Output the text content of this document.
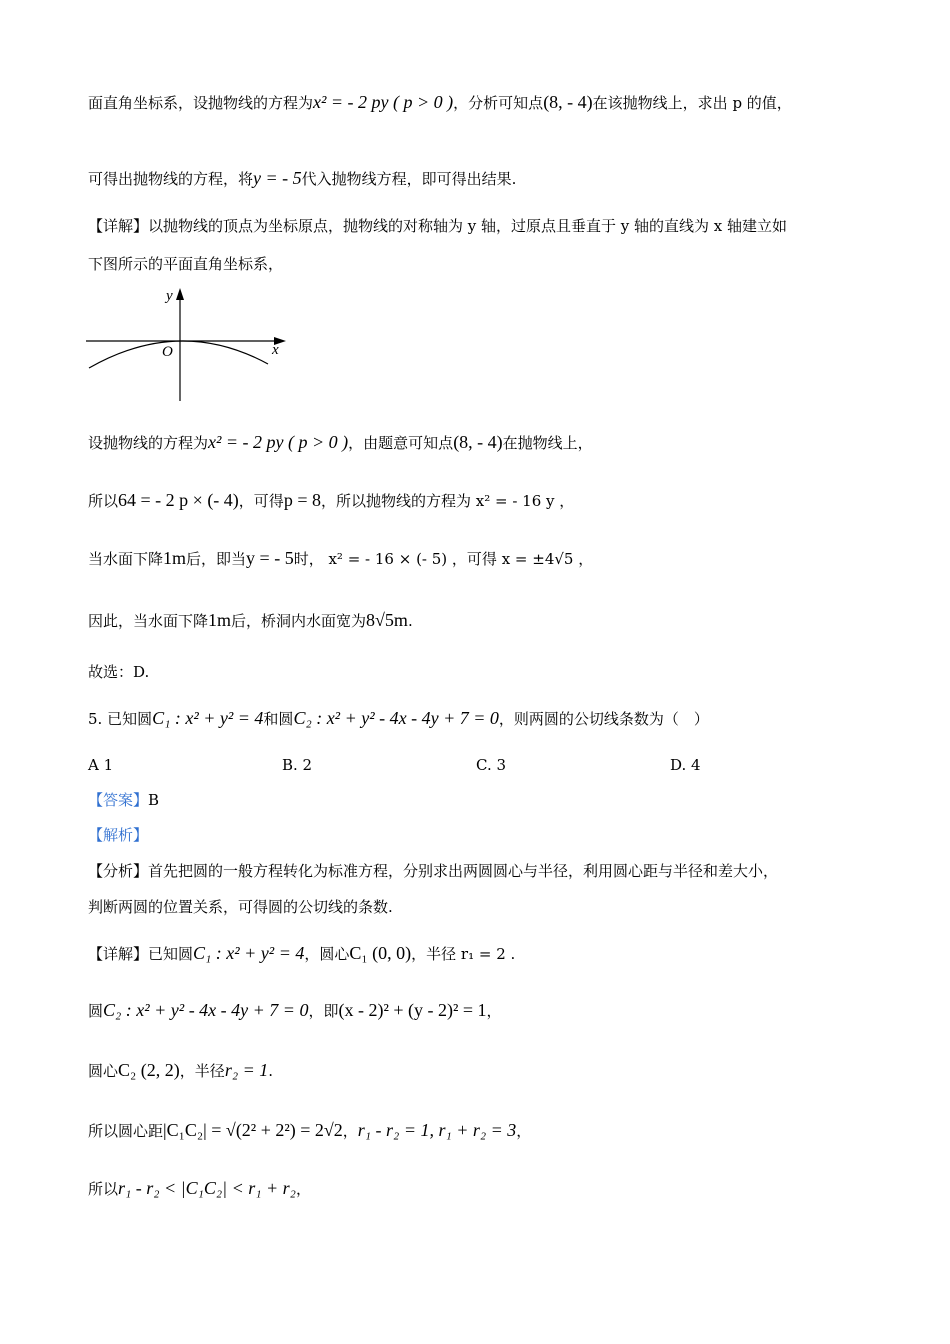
面直角坐标系，设抛物线的方程为x² = - 2 py ( p > 0 )，分析可知点(8, - 4)在该抛物线上，求出 p 的值，
可得出抛物线的方程，将y = - 5代入抛物线方程，即可得出结果.
【详解】以抛物线的顶点为坐标原点，抛物线的对称轴为 y 轴，过原点且垂直于 y 轴的直线为 x 轴建立如
下图所示的平面直角坐标系，
y
x
O
设抛物线的方程为x² = - 2 py ( p > 0 )，由题意可知点(8, - 4)在抛物线上，
所以64 = - 2 p × (- 4)，可得p = 8，所以抛物线的方程为 x² = - 16 y ，
当水面下降1m后，即当y = - 5时， x² = - 16 × (- 5) ，可得 x = ±4√5 ，
因此，当水面下降1m后，桥洞内水面宽为8√5m.
故选：D.
5. 已知圆C₁ : x² + y² = 4和圆C₂ : x² + y² - 4x - 4y + 7 = 0，则两圆的公切线条数为（　）
A 1	B. 2	C. 3	D. 4
【答案】B
【解析】
【分析】首先把圆的一般方程转化为标准方程，分别求出两圆圆心与半径，利用圆心距与半径和差大小，
判断两圆的位置关系，可得圆的公切线的条数.
【详解】已知圆C₁ : x² + y² = 4，圆心C₁ (0, 0)，半径 r₁ = 2 .
圆C₂ : x² + y² - 4x - 4y + 7 = 0，即(x - 2)² + (y - 2)² = 1，
圆心C₂ (2, 2)，半径r₂ = 1.
所以圆心距|C₁C₂| = √(2² + 2²) = 2√2，r₁ - r₂ = 1, r₁ + r₂ = 3，
所以r₁ - r₂ < |C₁C₂| < r₁ + r₂，
